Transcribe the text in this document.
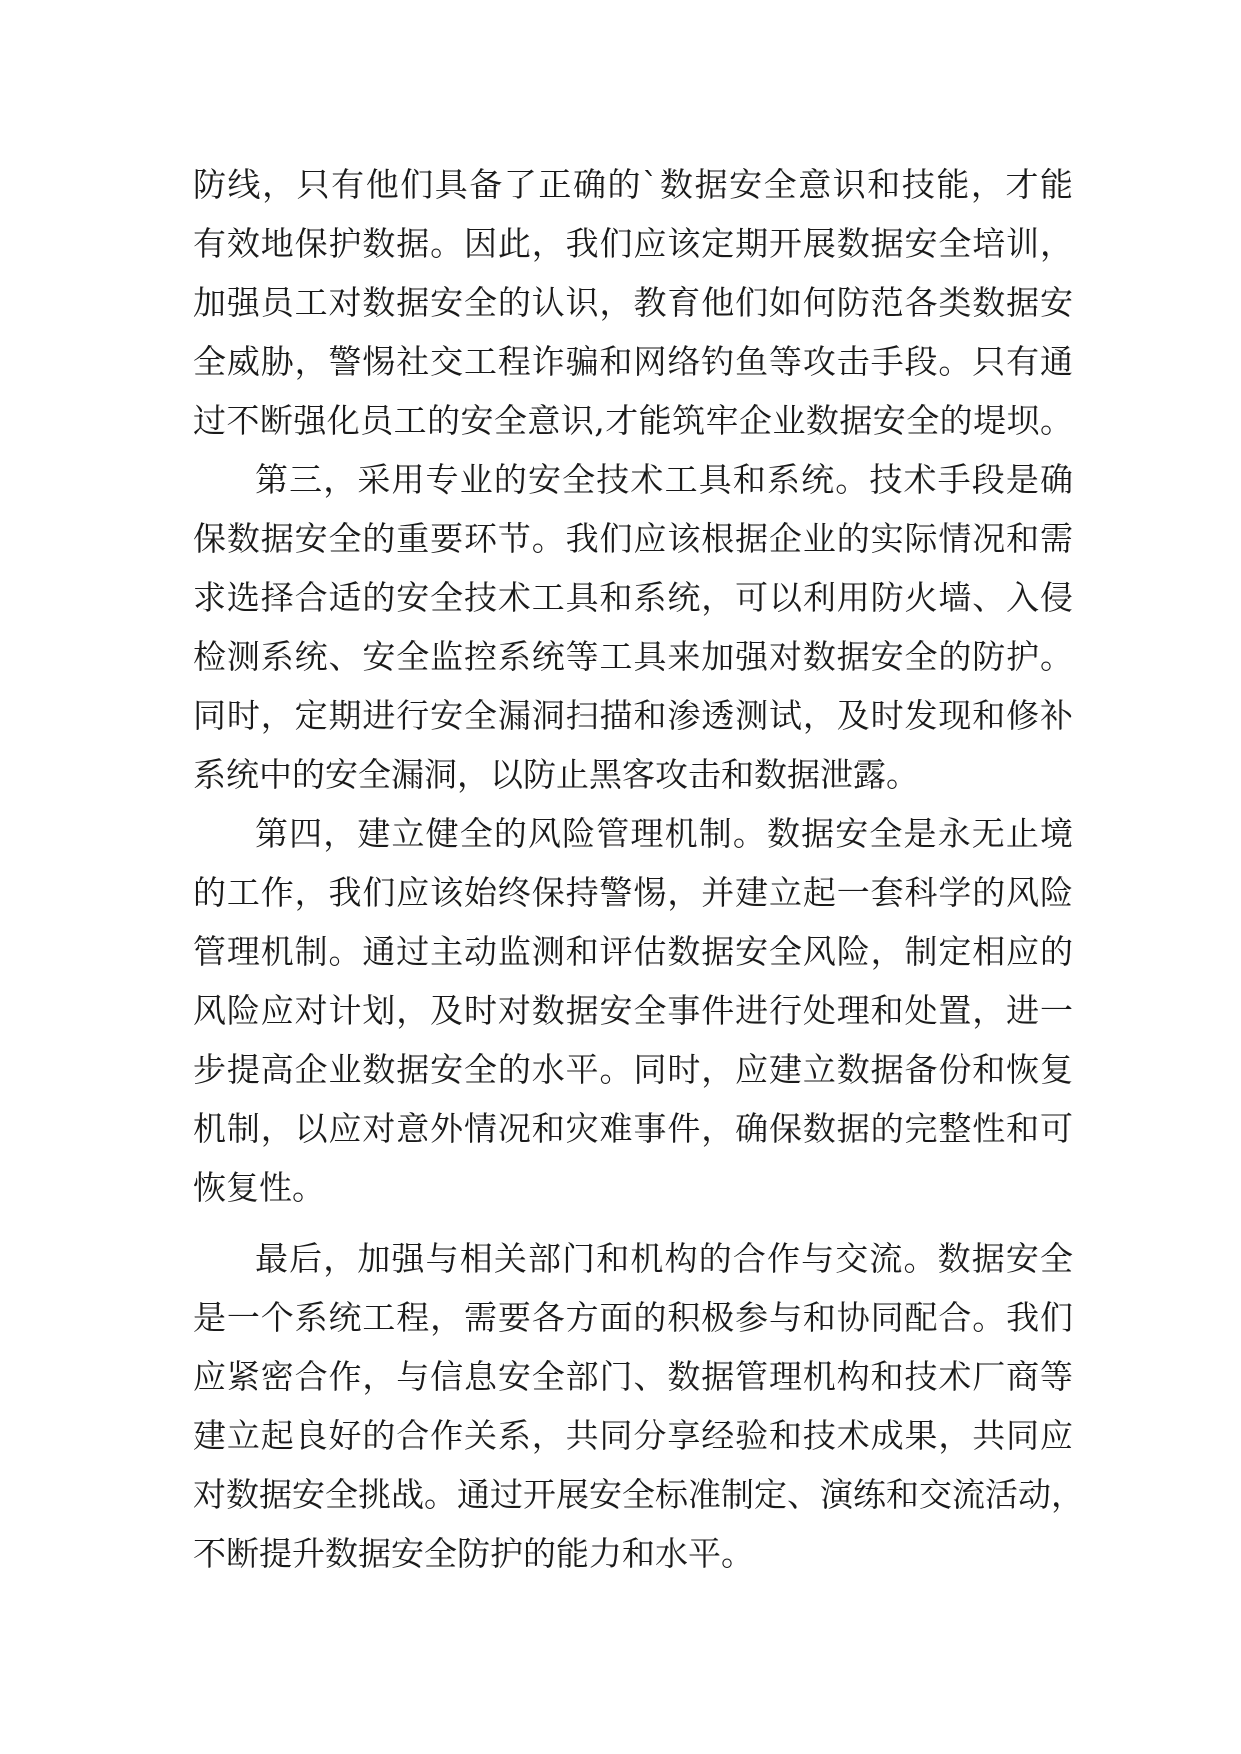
防线，只有他们具备了正确的`数据安全意识和技能，才能
有效地保护数据。因此，我们应该定期开展数据安全培训，
加强员工对数据安全的认识，教育他们如何防范各类数据安
全威胁，警惕社交工程诈骗和网络钓鱼等攻击手段。只有通
过不断强化员工的安全意识,才能筑牢企业数据安全的堤坝。
第三，采用专业的安全技术工具和系统。技术手段是确
保数据安全的重要环节。我们应该根据企业的实际情况和需
求选择合适的安全技术工具和系统，可以利用防火墙、入侵
检测系统、安全监控系统等工具来加强对数据安全的防护。
同时，定期进行安全漏洞扫描和渗透测试，及时发现和修补
系统中的安全漏洞，以防止黑客攻击和数据泄露。
第四，建立健全的风险管理机制。数据安全是永无止境
的工作，我们应该始终保持警惕，并建立起一套科学的风险
管理机制。通过主动监测和评估数据安全风险，制定相应的
风险应对计划，及时对数据安全事件进行处理和处置，进一
步提高企业数据安全的水平。同时，应建立数据备份和恢复
机制，以应对意外情况和灾难事件，确保数据的完整性和可
恢复性。
最后，加强与相关部门和机构的合作与交流。数据安全
是一个系统工程，需要各方面的积极参与和协同配合。我们
应紧密合作，与信息安全部门、数据管理机构和技术厂商等
建立起良好的合作关系，共同分享经验和技术成果，共同应
对数据安全挑战。通过开展安全标准制定、演练和交流活动，
不断提升数据安全防护的能力和水平。
